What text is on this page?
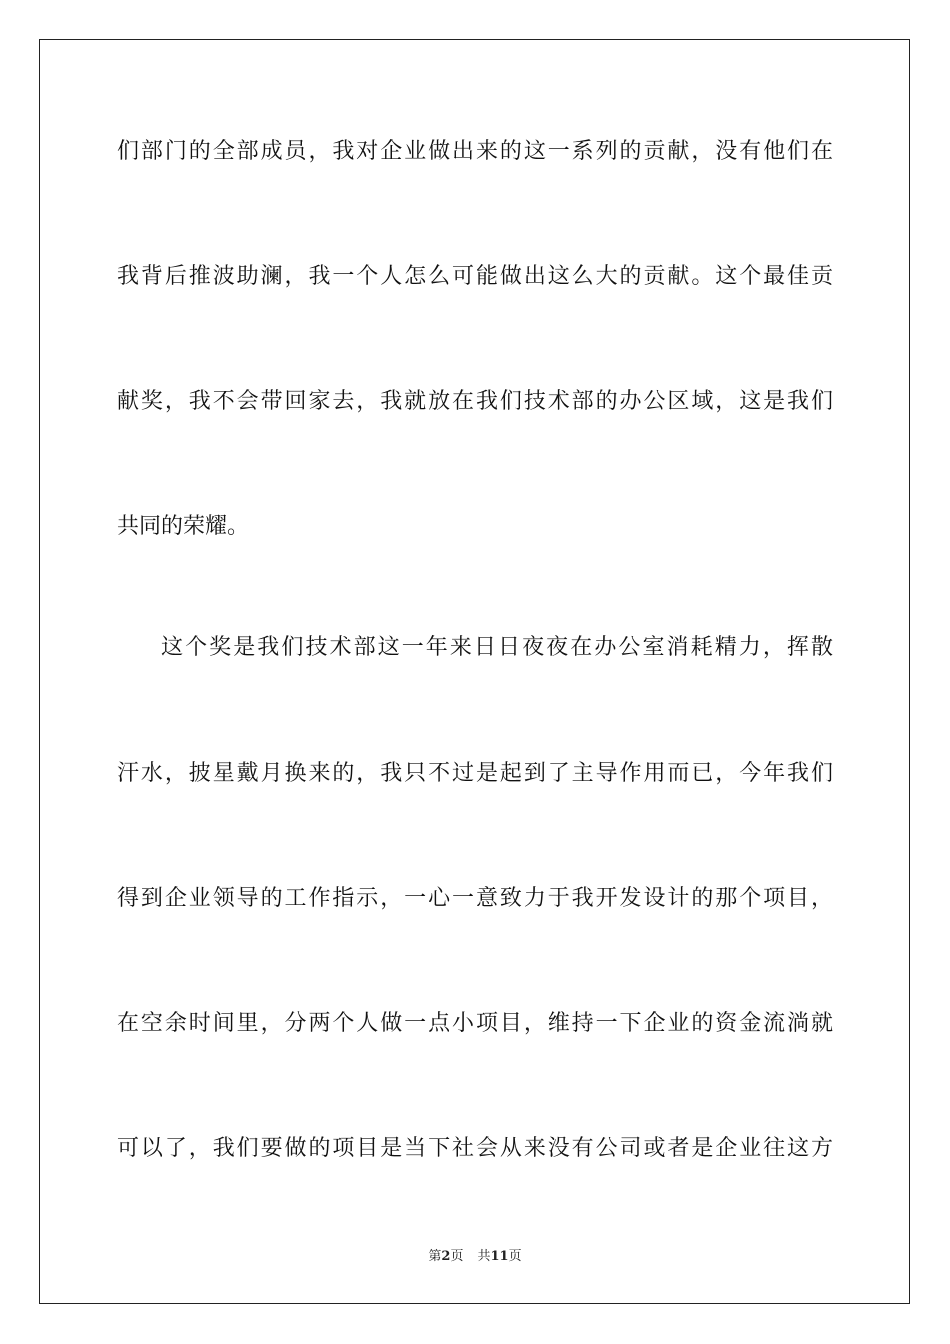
们部门的全部成员，我对企业做出来的这一系列的贡献，没有他们在
我背后推波助澜，我一个人怎么可能做出这么大的贡献。这个最佳贡
献奖，我不会带回家去，我就放在我们技术部的办公区域，这是我们
共同的荣耀。
这个奖是我们技术部这一年来日日夜夜在办公室消耗精力，挥散
汗水，披星戴月换来的，我只不过是起到了主导作用而已，今年我们
得到企业领导的工作指示，一心一意致力于我开发设计的那个项目，
在空余时间里，分两个人做一点小项目，维持一下企业的资金流淌就
可以了，我们要做的项目是当下社会从来没有公司或者是企业往这方
第2页 共11页
